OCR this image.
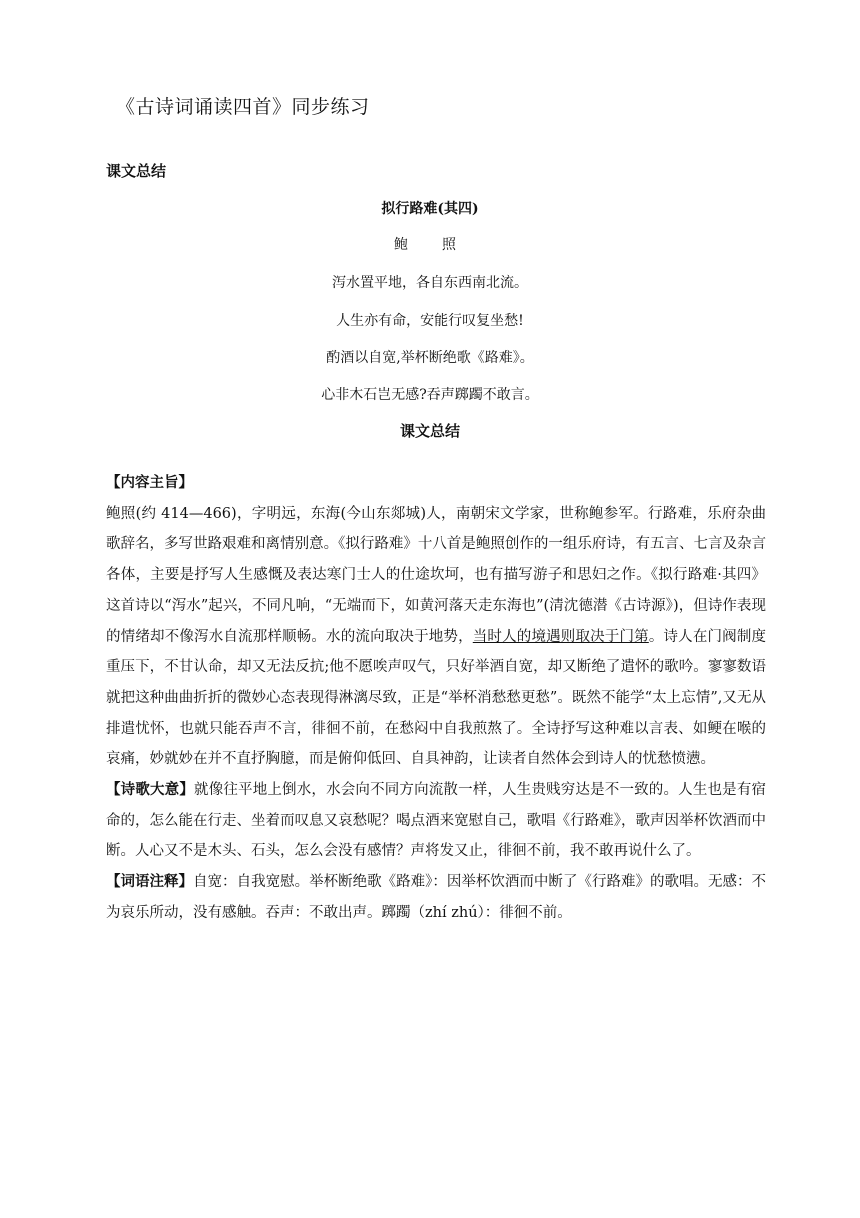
《古诗词诵读四首》同步练习
课文总结
拟行路难(其四)
鲍　照
泻水置平地，各自东西南北流。
人生亦有命，安能行叹复坐愁!
酌酒以自宽,举杯断绝歌《路难》。
心非木石岂无感?吞声踯躅不敢言。
课文总结

【内容主旨】

鲍照(约 414—466)，字明远，东海(今山东郯城)人，南朝宋文学家，世称鲍参军。行路难，乐府杂曲歌辞名，多写世路艰难和离情别意。《拟行路难》十八首是鲍照创作的一组乐府诗，有五言、七言及杂言各体，主要是抒写人生感慨及表达寒门士人的仕途坎坷，也有描写游子和思妇之作。《拟行路难·其四》这首诗以“泻水”起兴，不同凡响，“无端而下，如黄河落天走东海也”(清沈德潜《古诗源》)，但诗作表现的情绪却不像泻水自流那样顺畅。水的流向取决于地势，当时人的境遇则取决于门第。诗人在门阀制度重压下，不甘认命，却又无法反抗;他不愿唉声叹气，只好举酒自宽，却又断绝了遣怀的歌吟。寥寥数语就把这种曲曲折折的微妙心态表现得淋漓尽致，正是“举杯消愁愁更愁”。既然不能学“太上忘情”,又无从排遣忧怀，也就只能吞声不言，徘徊不前，在愁闷中自我煎熬了。全诗抒写这种难以言表、如鲠在喉的哀痛，妙就妙在并不直抒胸臆，而是俯仰低回、自具神韵，让读者自然体会到诗人的忧愁愤懑。

【诗歌大意】就像往平地上倒水，水会向不同方向流散一样，人生贵贱穷达是不一致的。人生也是有宿命的，怎么能在行走、坐着而叹息又哀愁呢？喝点酒来宽慰自己，歌唱《行路难》，歌声因举杯饮酒而中断。人心又不是木头、石头，怎么会没有感情？声将发又止，徘徊不前，我不敢再说什么了。

【词语注释】自宽：自我宽慰。举杯断绝歌《路难》：因举杯饮酒而中断了《行路难》的歌唱。无感：不为哀乐所动，没有感触。吞声：不敢出声。踯躅（zhí zhú）：徘徊不前。
